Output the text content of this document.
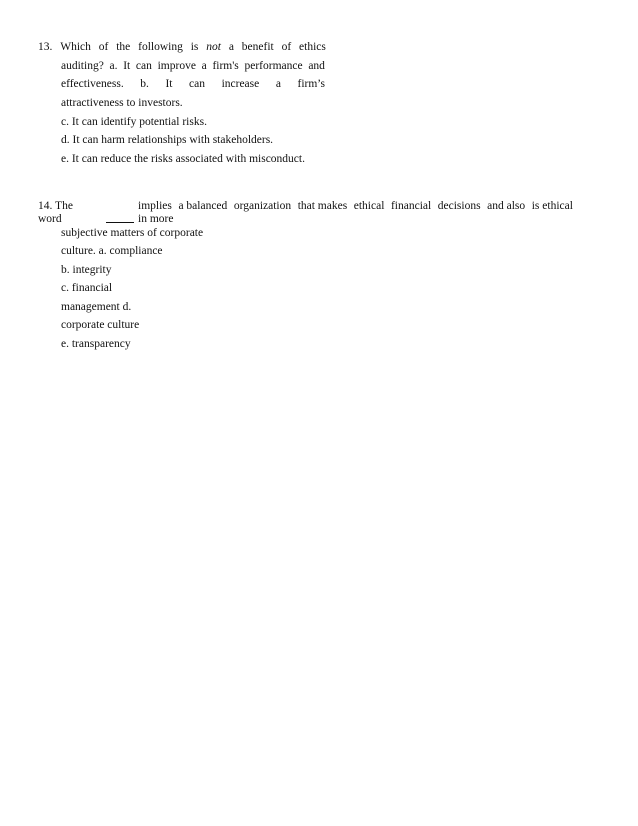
13. Which of the following is not a benefit of ethics
auditing? a. It can improve a firm's performance and
effectiveness. b. It can increase a firm’s
attractiveness to investors.
c. It can identify potential risks.
d. It can harm relationships with stakeholders.
e. It can reduce the risks associated with misconduct.
14. The	implies a balanced organization that makes ethical financial decisions and also is ethical
word	in more
subjective matters of corporate
culture. a. compliance
b. integrity
c. financial
management d.
corporate culture
e. transparency
